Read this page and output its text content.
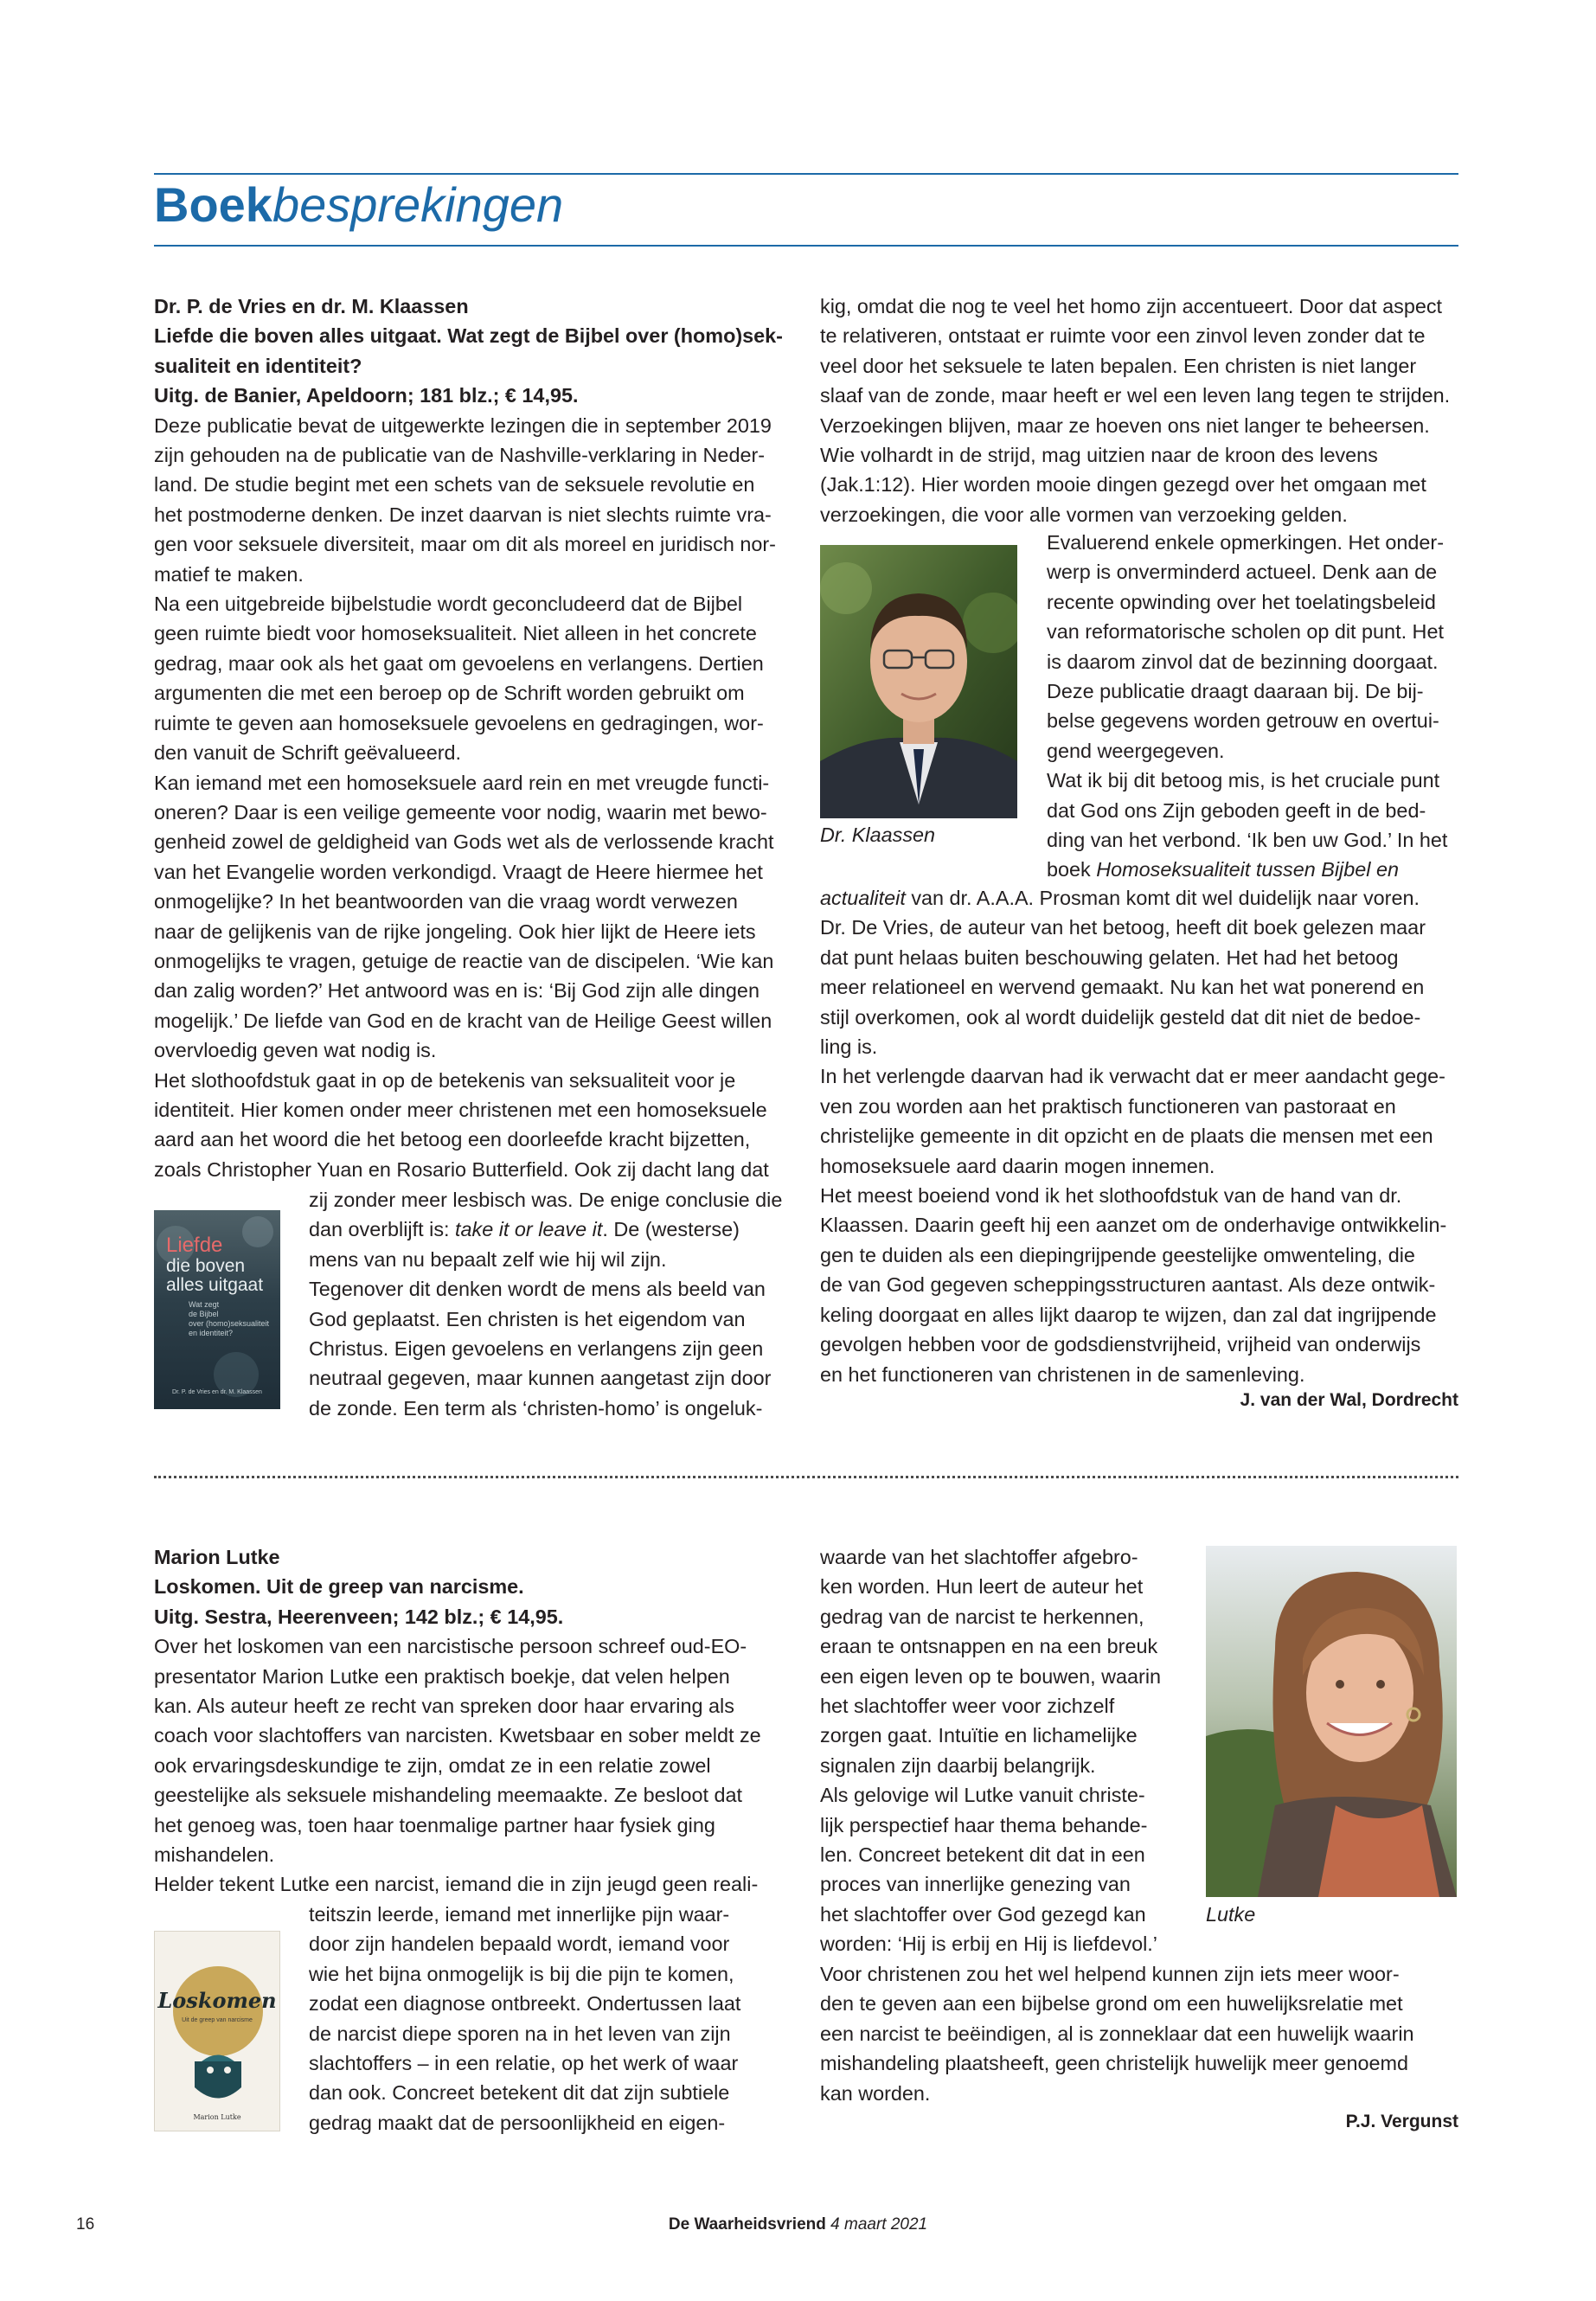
Boekbesprekingen

Dr. P. de Vries en dr. M. Klaassen

Liefde die boven alles uitgaat. Wat zegt de Bijbel over (homo)sek-

sualiteit en identiteit?

Uitg. de Banier, Apeldoorn; 181 blz.; € 14,95.

Deze publicatie bevat de uitgewerkte lezingen die in september 2019

zijn gehouden na de publicatie van de Nashville-verklaring in Neder-

land. De studie begint met een schets van de seksuele revolutie en

het postmoderne denken. De inzet daarvan is niet slechts ruimte vra-

gen voor seksuele diversiteit, maar om dit als moreel en juridisch nor-

matief te maken.

Na een uitgebreide bijbelstudie wordt geconcludeerd dat de Bijbel

geen ruimte biedt voor homoseksualiteit. Niet alleen in het concrete

gedrag, maar ook als het gaat om gevoelens en verlangens. Dertien

argumenten die met een beroep op de Schrift worden gebruikt om

ruimte te geven aan homoseksuele gevoelens en gedragingen, wor-

den vanuit de Schrift geëvalueerd.

Kan iemand met een homoseksuele aard rein en met vreugde functi-

oneren? Daar is een veilige gemeente voor nodig, waarin met bewo-

genheid zowel de geldigheid van Gods wet als de verlossende kracht

van het Evangelie worden verkondigd. Vraagt de Heere hiermee het

onmogelijke? In het beantwoorden van die vraag wordt verwezen

naar de gelijkenis van de rijke jongeling. Ook hier lijkt de Heere iets

onmogelijks te vragen, getuige de reactie van de discipelen. ‘Wie kan

dan zalig worden?’ Het antwoord was en is: ‘Bij God zijn alle dingen

mogelijk.’ De liefde van God en de kracht van de Heilige Geest willen

overvloedig geven wat nodig is.

Het slothoofdstuk gaat in op de betekenis van seksualiteit voor je

identiteit. Hier komen onder meer christenen met een homoseksuele

aard aan het woord die het betoog een doorleefde kracht bijzetten,

zoals Christopher Yuan en Rosario Butterfield. Ook zij dacht lang dat

Liefde
die boven
alles uitgaat
Wat zegt
de Bijbel
over (homo)seksualiteit
en identiteit?
Dr. P. de Vries en dr. M. Klaassen

zij zonder meer lesbisch was. De enige conclusie die

dan overblijft is: take it or leave it. De (westerse)

mens van nu bepaalt zelf wie hij wil zijn.

Tegenover dit denken wordt de mens als beeld van

God geplaatst. Een christen is het eigendom van

Christus. Eigen gevoelens en verlangens zijn geen

neutraal gegeven, maar kunnen aangetast zijn door

de zonde. Een term als ‘christen-homo’ is ongeluk-

kig, omdat die nog te veel het homo zijn accentueert. Door dat aspect

te relativeren, ontstaat er ruimte voor een zinvol leven zonder dat te

veel door het seksuele te laten bepalen. Een christen is niet langer

slaaf van de zonde, maar heeft er wel een leven lang tegen te strijden.

Verzoekingen blijven, maar ze hoeven ons niet langer te beheersen.

Wie volhardt in de strijd, mag uitzien naar de kroon des levens

(Jak.1:12). Hier worden mooie dingen gezegd over het omgaan met

verzoekingen, die voor alle vormen van verzoeking gelden.

Dr. Klaassen

Evaluerend enkele opmerkingen. Het onder-

werp is onverminderd actueel. Denk aan de

recente opwinding over het toelatingsbeleid

van reformatorische scholen op dit punt. Het

is daarom zinvol dat de bezinning doorgaat.

Deze publicatie draagt daaraan bij. De bij-

belse gegevens worden getrouw en overtui-

gend weergegeven.

Wat ik bij dit betoog mis, is het cruciale punt

dat God ons Zijn geboden geeft in de bed-

ding van het verbond. ‘Ik ben uw God.’ In het

boek Homoseksualiteit tussen Bijbel en

actualiteit van dr. A.A.A. Prosman komt dit wel duidelijk naar voren.

Dr. De Vries, de auteur van het betoog, heeft dit boek gelezen maar

dat punt helaas buiten beschouwing gelaten. Het had het betoog

meer relationeel en wervend gemaakt. Nu kan het wat ponerend en

stijl overkomen, ook al wordt duidelijk gesteld dat dit niet de bedoe-

ling is.

In het verlengde daarvan had ik verwacht dat er meer aandacht gege-

ven zou worden aan het praktisch functioneren van pastoraat en

christelijke gemeente in dit opzicht en de plaats die mensen met een

homoseksuele aard daarin mogen innemen.

Het meest boeiend vond ik het slothoofdstuk van de hand van dr.

Klaassen. Daarin geeft hij een aanzet om de onderhavige ontwikkelin-

gen te duiden als een diepingrijpende geestelijke omwenteling, die

de van God gegeven scheppingsstructuren aantast. Als deze ontwik-

keling doorgaat en alles lijkt daarop te wijzen, dan zal dat ingrijpende

gevolgen hebben voor de godsdienstvrijheid, vrijheid van onderwijs

en het functioneren van christenen in de samenleving.

J. van der Wal, Dordrecht

Marion Lutke

Loskomen. Uit de greep van narcisme.

Uitg. Sestra, Heerenveen; 142 blz.; € 14,95.

Over het loskomen van een narcistische persoon schreef oud-EO-

presentator Marion Lutke een praktisch boekje, dat velen helpen

kan. Als auteur heeft ze recht van spreken door haar ervaring als

coach voor slachtoffers van narcisten. Kwetsbaar en sober meldt ze

ook ervaringsdeskundige te zijn, omdat ze in een relatie zowel

geestelijke als seksuele mishandeling meemaakte. Ze besloot dat

het genoeg was, toen haar toenmalige partner haar fysiek ging

mishandelen.

Helder tekent Lutke een narcist, iemand die in zijn jeugd geen reali-

Loskomen
Uit de greep van narcisme
Marion Lutke

teitszin leerde, iemand met innerlijke pijn waar-

door zijn handelen bepaald wordt, iemand voor

wie het bijna onmogelijk is bij die pijn te komen,

zodat een diagnose ontbreekt. Ondertussen laat

de narcist diepe sporen na in het leven van zijn

slachtoffers – in een relatie, op het werk of waar

dan ook. Concreet betekent dit dat zijn subtiele

gedrag maakt dat de persoonlijkheid en eigen-

waarde van het slachtoffer afgebro-

ken worden. Hun leert de auteur het

gedrag van de narcist te herkennen,

eraan te ontsnappen en na een breuk

een eigen leven op te bouwen, waarin

het slachtoffer weer voor zichzelf

zorgen gaat. Intuïtie en lichamelijke

signalen zijn daarbij belangrijk.

Als gelovige wil Lutke vanuit christe-

lijk perspectief haar thema behande-

len. Concreet betekent dit dat in een

proces van innerlijke genezing van

het slachtoffer over God gezegd kan

worden: ‘Hij is erbij en Hij is liefdevol.’

Lutke

Voor christenen zou het wel helpend kunnen zijn iets meer woor-

den te geven aan een bijbelse grond om een huwelijksrelatie met

een narcist te beëindigen, al is zonneklaar dat een huwelijk waarin

mishandeling plaatsheeft, geen christelijk huwelijk meer genoemd

kan worden.

P.J. Vergunst
16	De Waarheidsvriend 4 maart 2021
